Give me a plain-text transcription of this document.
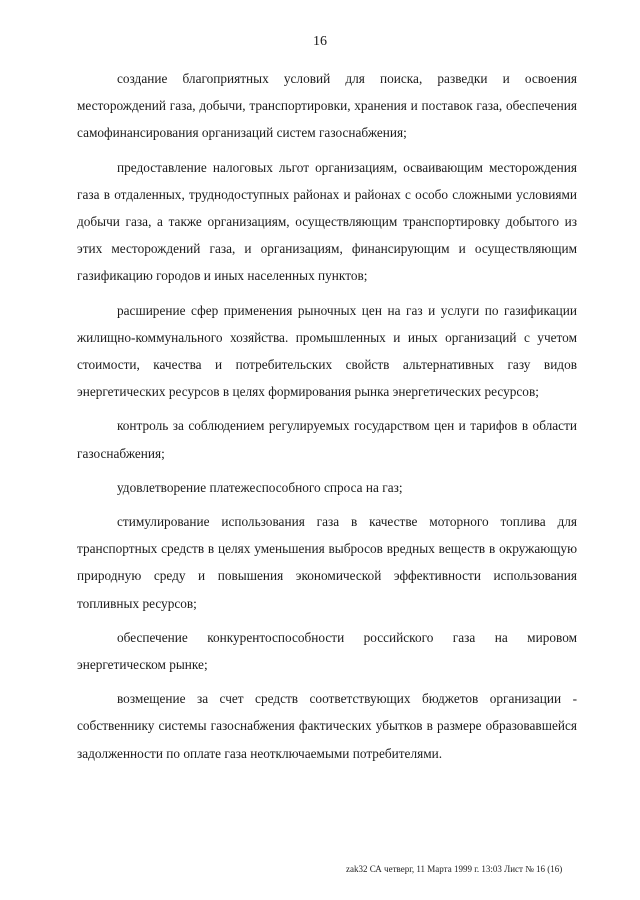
16

создание благоприятных условий для поиска, разведки и освоения месторождений газа, добычи, транспортировки, хранения и поставок газа, обеспечения самофинансирования организаций систем газоснабжения;

предоставление налоговых льгот организациям, осваивающим месторождения газа в отдаленных, труднодоступных районах и районах с особо сложными условиями добычи газа, а также организациям, осуществляющим транспортировку добытого из этих месторождений газа, и организациям, финансирующим и осуществляющим газификацию городов и иных населенных пунктов;

расширение сфер применения рыночных цен на газ и услуги по газификации жилищно-коммунального хозяйства. промышленных и иных организаций с учетом стоимости, качества и потребительских свойств альтернативных газу видов энергетических ресурсов в целях формирования рынка энергетических ресурсов;

контроль за соблюдением регулируемых государством цен и тарифов в области газоснабжения;

удовлетворение платежеспособного спроса на газ;

стимулирование использования газа в качестве моторного топлива для транспортных средств в целях уменьшения выбросов вредных веществ в окружающую природную среду и повышения экономической эффективности использования топливных ресурсов;

обеспечение конкурентоспособности российского газа на мировом энергетическом рынке;

возмещение за счет средств соответствующих бюджетов организации - собственнику системы газоснабжения фактических убытков в размере образовавшейся задолженности по оплате газа неотключаемыми потребителями.

zak32 СА четверг, 11 Марта 1999 г. 13:03 Лист № 16 (16)
